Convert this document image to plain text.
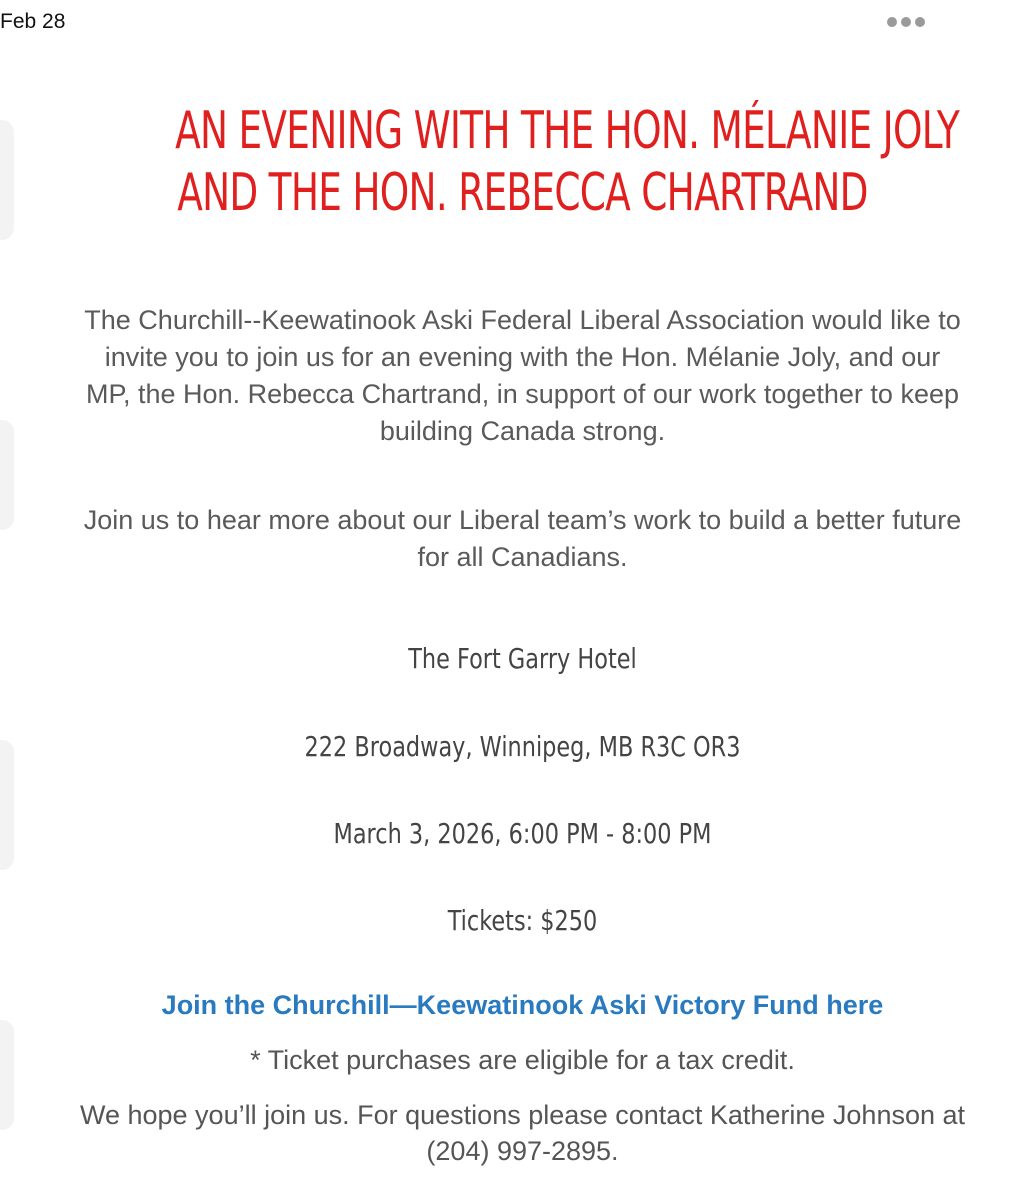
Feb 28
AN EVENING WITH THE HON. MÉLANIE JOLY
AND THE HON. REBECCA CHARTRAND

The Churchill--Keewatinook Aski Federal Liberal Association would like to invite you to join us for an evening with the Hon. Mélanie Joly, and our MP, the Hon. Rebecca Chartrand, in support of our work together to keep building Canada strong.

Join us to hear more about our Liberal team’s work to build a better future for all Canadians.

The Fort Garry Hotel

222 Broadway, Winnipeg, MB R3C OR3

March 3, 2026, 6:00 PM - 8:00 PM

Tickets: $250

Join the Churchill—Keewatinook Aski Victory Fund here

* Ticket purchases are eligible for a tax credit.

We hope you’ll join us. For questions please contact Katherine Johnson at (204) 997-2895.
